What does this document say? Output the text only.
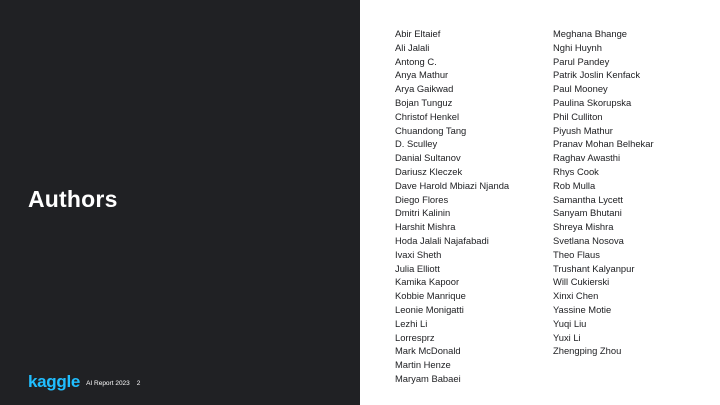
Authors
kaggle AI Report 2023 2
Abir Eltaief
Ali Jalali
Antong C.
Anya Mathur
Arya Gaikwad
Bojan Tunguz
Christof Henkel
Chuandong Tang
D. Sculley
Danial Sultanov
Dariusz Kleczek
Dave Harold Mbiazi Njanda
Diego Flores
Dmitri Kalinin
Harshit Mishra
Hoda Jalali Najafabadi
Ivaxi Sheth
Julia Elliott
Kamika Kapoor
Kobbie Manrique
Leonie Monigatti
Lezhi Li
Lorresprz
Mark McDonald
Martin Henze
Maryam Babaei
Meghana Bhange
Nghi Huynh
Parul Pandey
Patrik Joslin Kenfack
Paul Mooney
Paulina Skorupska
Phil Culliton
Piyush Mathur
Pranav Mohan Belhekar
Raghav Awasthi
Rhys Cook
Rob Mulla
Samantha Lycett
Sanyam Bhutani
Shreya Mishra
Svetlana Nosova
Theo Flaus
Trushant Kalyanpur
Will Cukierski
Xinxi Chen
Yassine Motie
Yuqi Liu
Yuxi Li
Zhengping Zhou
